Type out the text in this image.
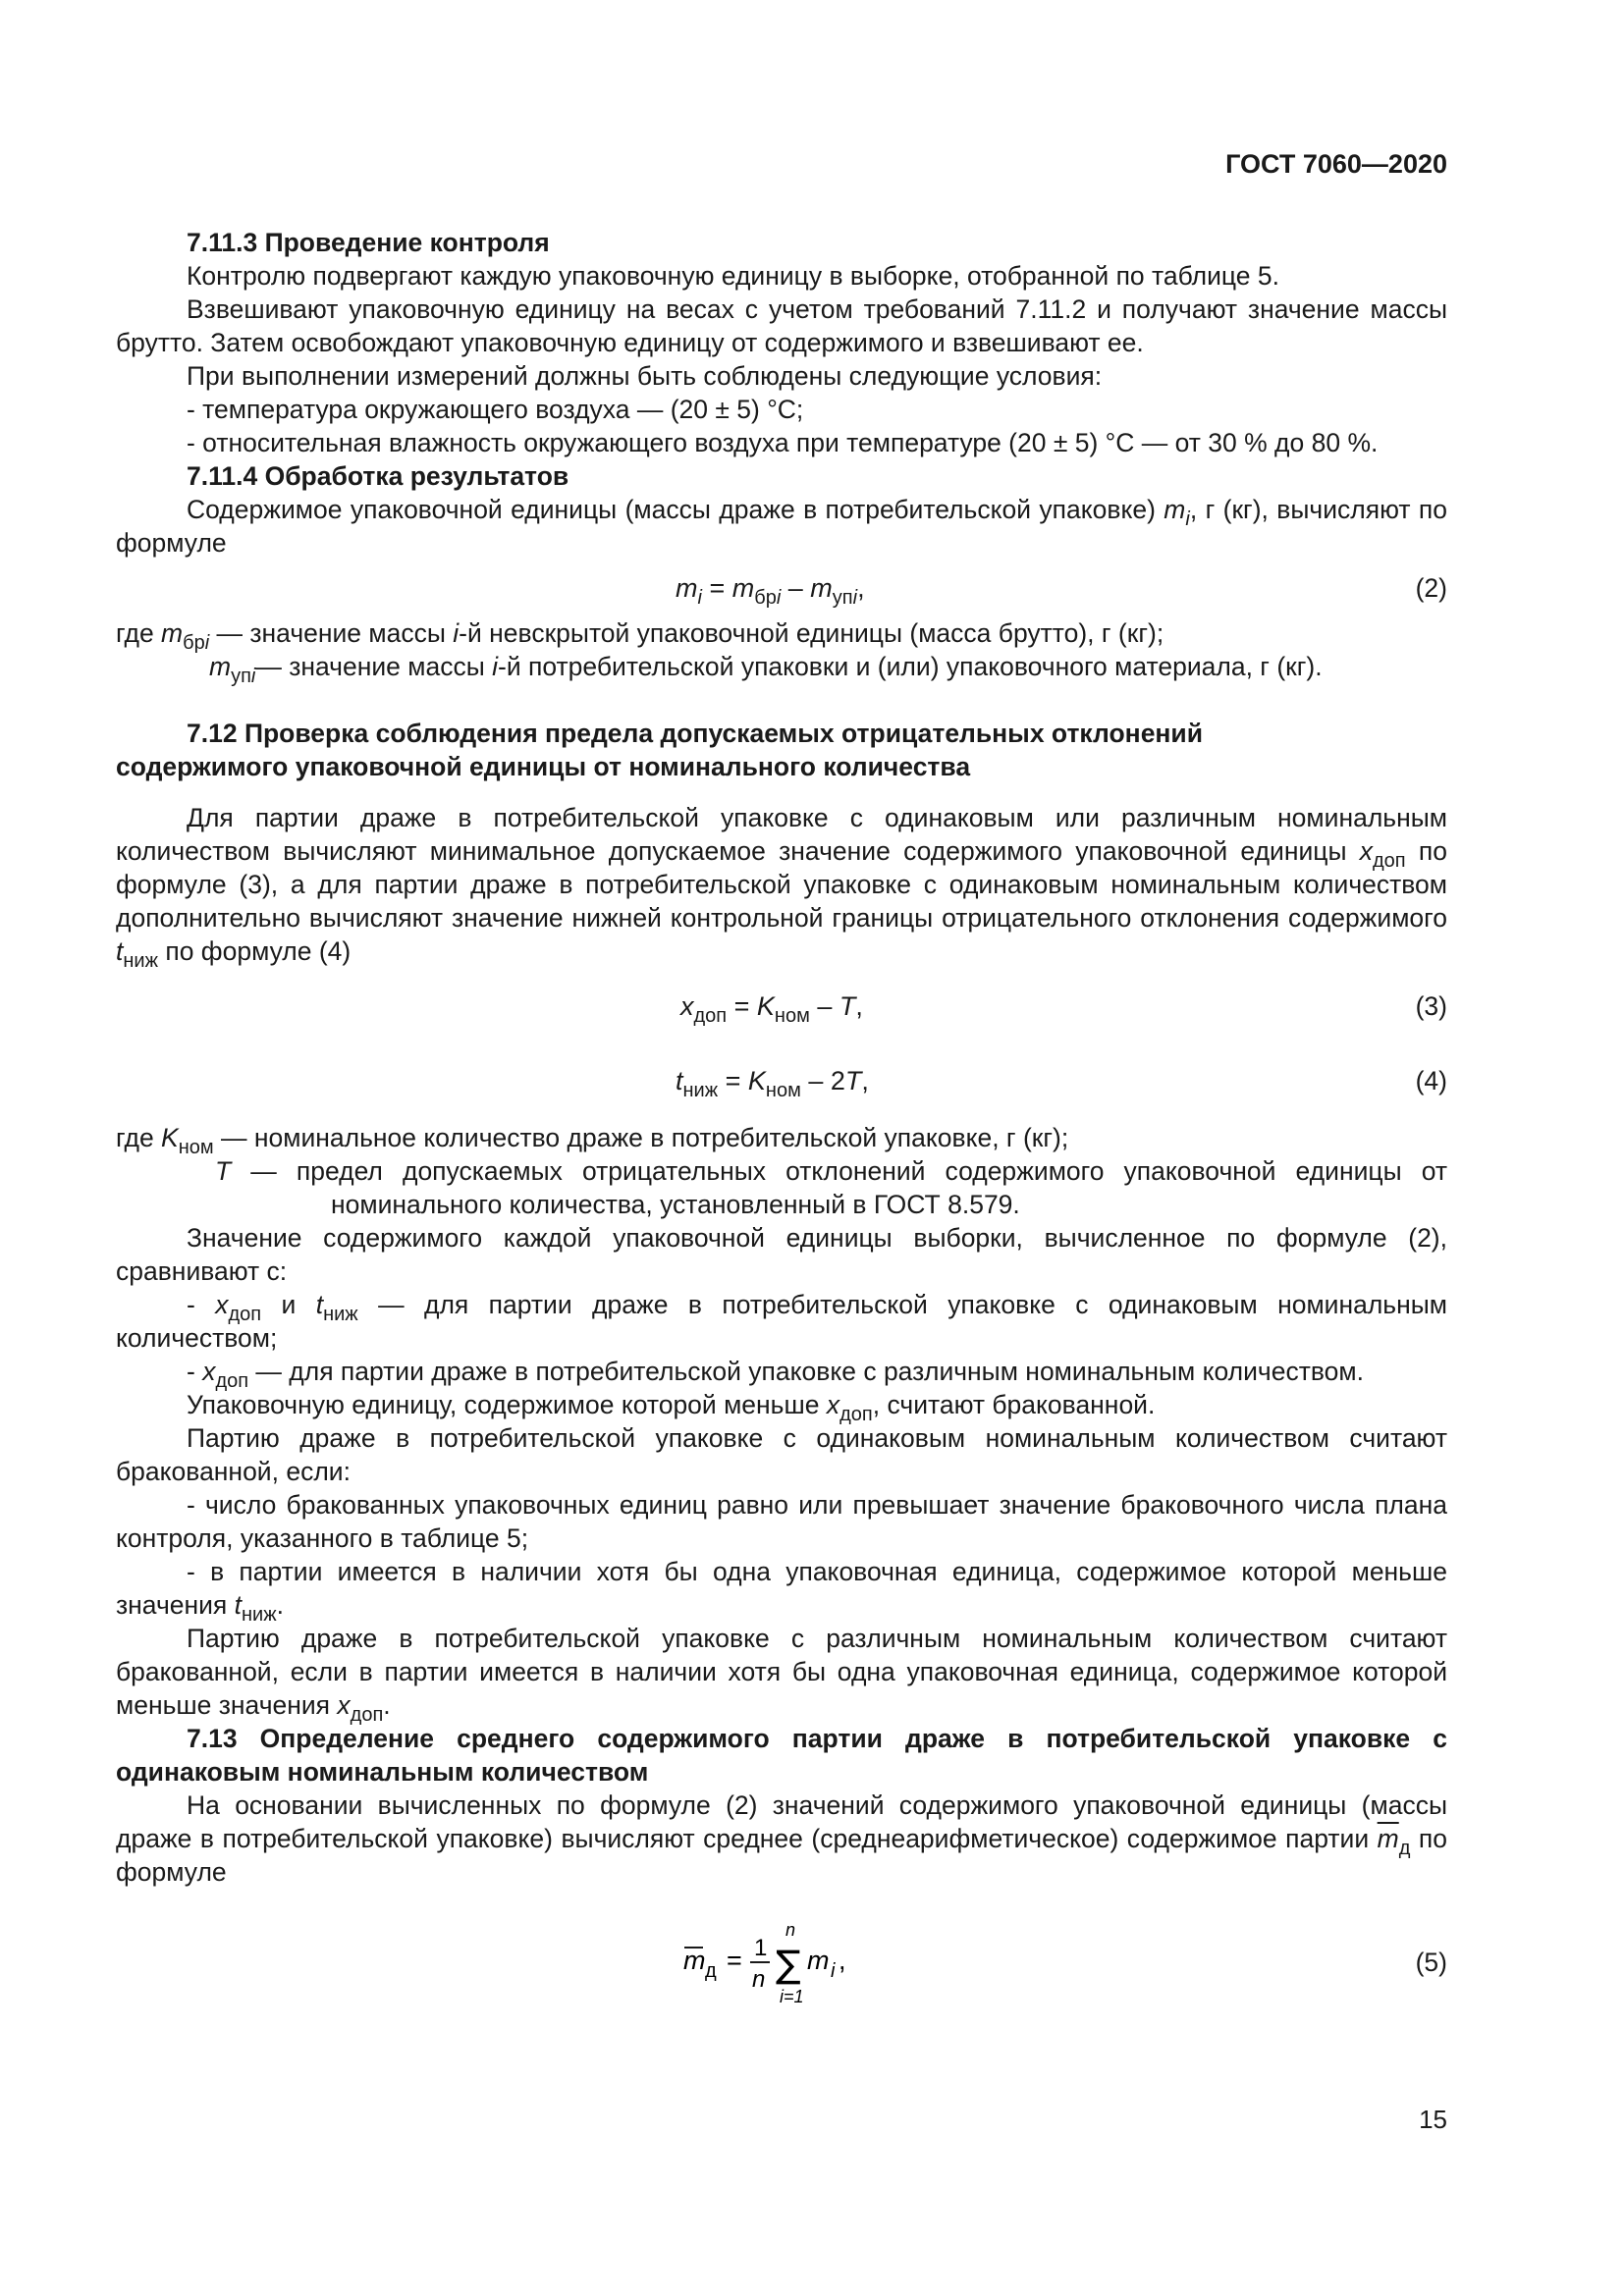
ГОСТ 7060—2020

7.11.3 Проведение контроля

Контролю подвергают каждую упаковочную единицу в выборке, отобранной по таблице 5.

Взвешивают упаковочную единицу на весах с учетом требований 7.11.2 и получают значение массы брутто. Затем освобождают упаковочную единицу от содержимого и взвешивают ее.

При выполнении измерений должны быть соблюдены следующие условия:

- температура окружающего воздуха — (20 ± 5) °С;

- относительная влажность окружающего воздуха при температуре (20 ± 5) °С — от 30 % до 80 %.

7.11.4 Обработка результатов

Содержимое упаковочной единицы (массы драже в потребительской упаковке) $m_i$, г (кг), вычисляют по формуле

$m_i = m_{брi} - m_{упi}$,	(2)

где $m_{брi}$ — значение массы i-й невскрытой упаковочной единицы (масса брутто), г (кг);

$m_{упi}—$ значение массы i-й потребительской упаковки и (или) упаковочного материала, г (кг).

7.12 Проверка соблюдения предела допускаемых отрицательных отклонений

содержимого упаковочной единицы от номинального количества

Для партии драже в потребительской упаковке с одинаковым или различным номинальным количеством вычисляют минимальное допускаемое значение содержимого упаковочной единицы $x_{доп}$ по формуле (3), а для партии драже в потребительской упаковке с одинаковым номинальным количеством дополнительно вычисляют значение нижней контрольной границы отрицательного отклонения содержимого $t_{ниж}$ по формуле (4)

$x_{доп} = K_{ном} - T$,	(3)
$t_{ниж} = K_{ном} - 2T$,	(4)

где $K_{ном}$ — номинальное количество драже в потребительской упаковке, г (кг);

T — предел допускаемых отрицательных отклонений содержимого упаковочной единицы от номинального количества, установленный в ГОСТ 8.579.

Значение содержимого каждой упаковочной единицы выборки, вычисленное по формуле (2), сравнивают с:

- $x_{доп}$ и $t_{ниж}$ — для партии драже в потребительской упаковке с одинаковым номинальным количеством;

- $x_{доп}$ — для партии драже в потребительской упаковке с различным номинальным количеством.

Упаковочную единицу, содержимое которой меньше $x_{доп}$, считают бракованной.

Партию драже в потребительской упаковке с одинаковым номинальным количеством считают бракованной, если:

- число бракованных упаковочных единиц равно или превышает значение браковочного числа плана контроля, указанного в таблице 5;

- в партии имеется в наличии хотя бы одна упаковочная единица, содержимое которой меньше значения $t_{ниж}$.

Партию драже в потребительской упаковке с различным номинальным количеством считают бракованной, если в партии имеется в наличии хотя бы одна упаковочная единица, содержимое которой меньше значения $x_{доп}$.

7.13 Определение среднего содержимого партии драже в потребительской упаковке с одинаковым номинальным количеством

На основании вычисленных по формуле (2) значений содержимого упаковочной единицы (массы драже в потребительской упаковке) вычисляют среднее (среднеарифметическое) содержимое партии $\overline{m}_д$ по формуле

m д = 1
n
n
∑
i=1
m i ,	(5)
15
